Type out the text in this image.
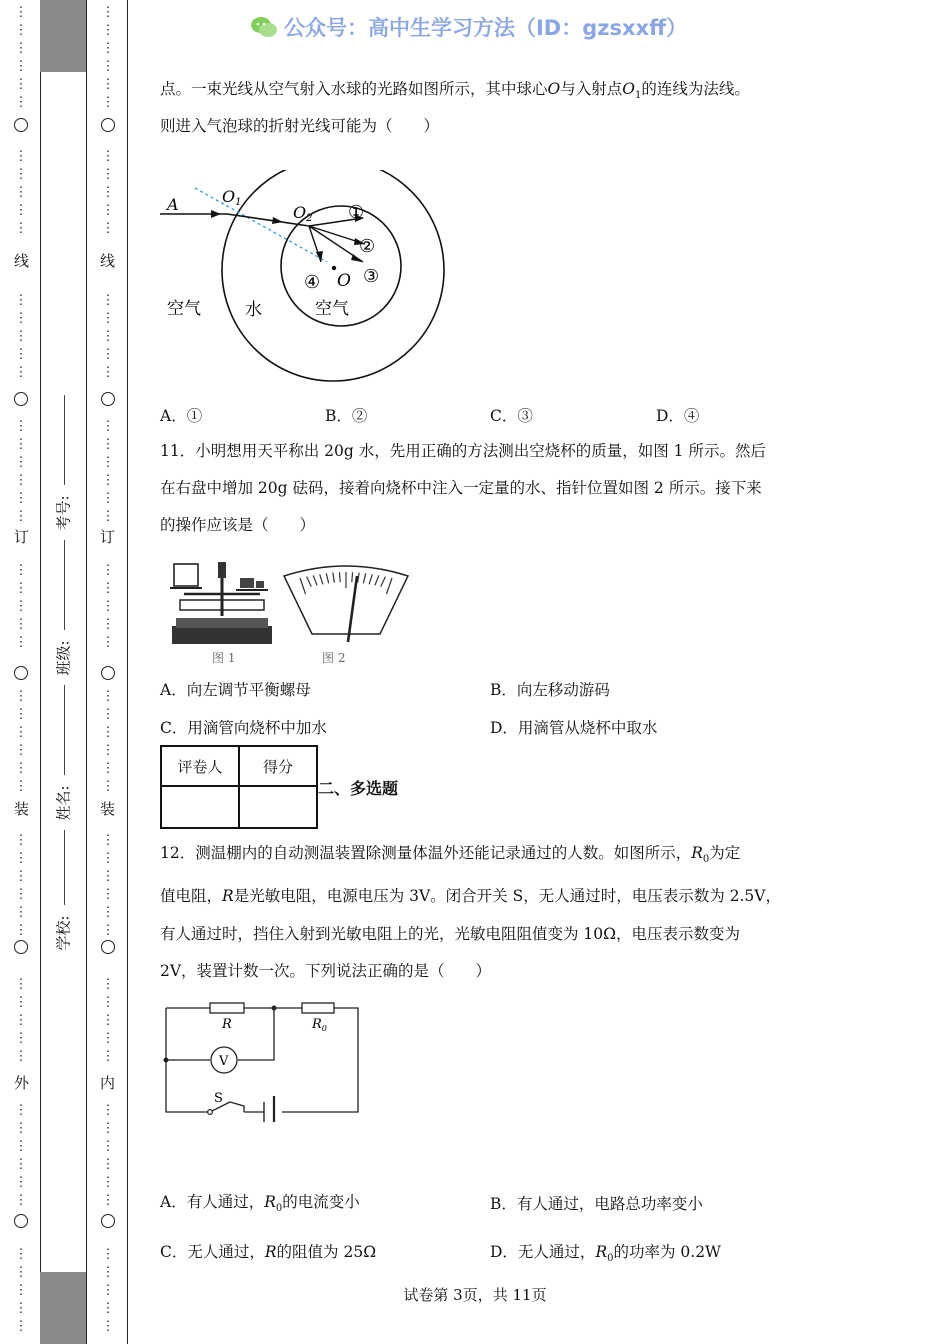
⋮
⋮
⋮
⋮
⋮
⋮
⋮
⋮
⋮
⋮
⋮
⋮
⋮
⋮
⋮
⋮
⋮
⋮
⋮
⋮
⋮
⋮
⋮
⋮
⋮
⋮
⋮
⋮
⋮
⋮
⋮
⋮
⋮
⋮
⋮
⋮
⋮
⋮
⋮
⋮
⋮
⋮
⋮
⋮
⋮
⋮
⋮
⋮
⋮
⋮
⋮
⋮
⋮
⋮
⋮
⋮
⋮
⋮
⋮
⋮
⋮
⋮
⋮
⋮
⋮
⋮
⋮
⋮
⋮
⋮
⋮
⋮
⋮
⋮
⋮
⋮
⋮
⋮
⋮
⋮
⋮
⋮
⋮
⋮
⋮
⋮
⋮
⋮
⋮
⋮
⋮
⋮
⋮
⋮
⋮
⋮
⋮
⋮
⋮
⋮
⋮
⋮
⋮
⋮
⋮
⋮
⋮
⋮
⋮
⋮
线
订
装
外
线
订
装
内
考号:
班级:
姓名:
学校:
公众号：高中生学习方法（ID：gzsxxff）
点。一束光线从空气射入水球的光路如图所示，其中球心O与入射点$O_1$的连线为法线。
则进入气泡球的折射光线可能为（　　）
A	O1
O2
O
①
②
③
④
空气	水	空气
A．①	B．②	C．③	D．④
11．小明想用天平称出 20g 水，先用正确的方法测出空烧杯的质量，如图 1 所示。然后
在右盘中增加 20g 砝码，接着向烧杯中注入一定量的水、指针位置如图 2 所示。接下来
的操作应该是（　　）
图 1	图 2
A．向左调节平衡螺母	B．向左移动游码
C．用滴管向烧杯中加水	D．用滴管从烧杯中取水
评卷人	得分

二、多选题
12．测温棚内的自动测温装置除测量体温外还能记录通过的人数。如图所示，$R_0$为定
值电阻，R是光敏电阻，电源电压为 3V。闭合开关 S，无人通过时，电压表示数为 2.5V，
有人通过时，挡住入射到光敏电阻上的光，光敏电阻阻值变为 10Ω，电压表示数变为
2V，装置计数一次。下列说法正确的是（　　）
R	$R_0$
V
S
A．有人通过，$R_0$的电流变小	B．有人通过，电路总功率变小
C．无人通过，R的阻值为 25Ω	D．无人通过，$R_0$的功率为 0.2W
试卷第 3页，共 11页
